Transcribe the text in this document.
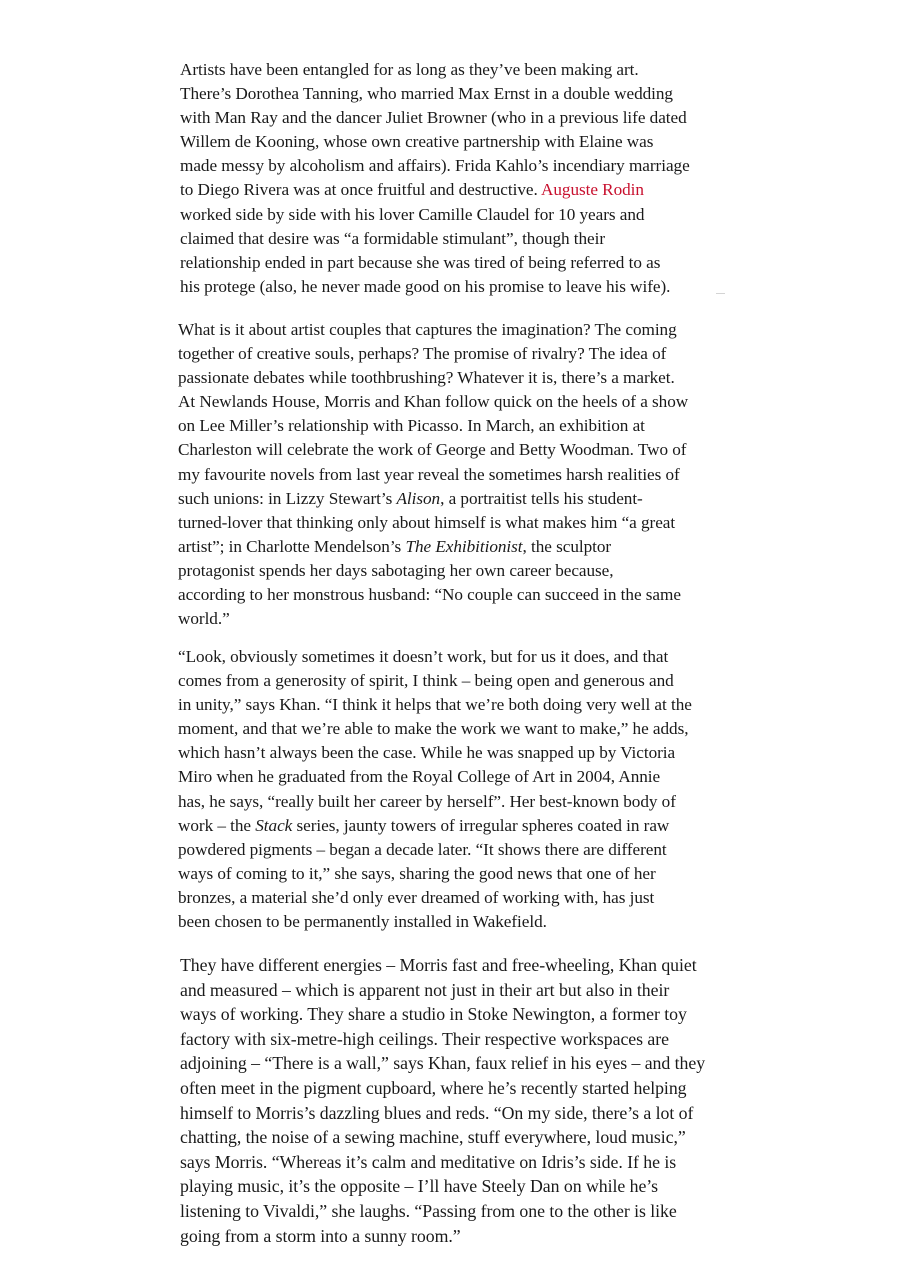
Artists have been entangled for as long as they’ve been making art.
There’s Dorothea Tanning, who married Max Ernst in a double wedding
with Man Ray and the dancer Juliet Browner (who in a previous life dated
Willem de Kooning, whose own creative partnership with Elaine was
made messy by alcoholism and affairs). Frida Kahlo’s incendiary marriage
to Diego Rivera was at once fruitful and destructive. Auguste Rodin
worked side by side with his lover Camille Claudel for 10 years and
claimed that desire was “a formidable stimulant”, though their
relationship ended in part because she was tired of being referred to as
his protege (also, he never made good on his promise to leave his wife).

What is it about artist couples that captures the imagination? The coming
together of creative souls, perhaps? The promise of rivalry? The idea of
passionate debates while toothbrushing? Whatever it is, there’s a market.
At Newlands House, Morris and Khan follow quick on the heels of a show
on Lee Miller’s relationship with Picasso. In March, an exhibition at
Charleston will celebrate the work of George and Betty Woodman. Two of
my favourite novels from last year reveal the sometimes harsh realities of
such unions: in Lizzy Stewart’s Alison, a portraitist tells his student-
turned-lover that thinking only about himself is what makes him “a great
artist”; in Charlotte Mendelson’s The Exhibitionist, the sculptor
protagonist spends her days sabotaging her own career because,
according to her monstrous husband: “No couple can succeed in the same
world.”

“Look, obviously sometimes it doesn’t work, but for us it does, and that
comes from a generosity of spirit, I think – being open and generous and
in unity,” says Khan. “I think it helps that we’re both doing very well at the
moment, and that we’re able to make the work we want to make,” he adds,
which hasn’t always been the case. While he was snapped up by Victoria
Miro when he graduated from the Royal College of Art in 2004, Annie
has, he says, “really built her career by herself”. Her best-known body of
work – the Stack series, jaunty towers of irregular spheres coated in raw
powdered pigments – began a decade later. “It shows there are different
ways of coming to it,” she says, sharing the good news that one of her
bronzes, a material she’d only ever dreamed of working with, has just
been chosen to be permanently installed in Wakefield.

They have different energies – Morris fast and free-wheeling, Khan quiet
and measured – which is apparent not just in their art but also in their
ways of working. They share a studio in Stoke Newington, a former toy
factory with six-metre-high ceilings. Their respective workspaces are
adjoining – “There is a wall,” says Khan, faux relief in his eyes – and they
often meet in the pigment cupboard, where he’s recently started helping
himself to Morris’s dazzling blues and reds. “On my side, there’s a lot of
chatting, the noise of a sewing machine, stuff everywhere, loud music,”
says Morris. “Whereas it’s calm and meditative on Idris’s side. If he is
playing music, it’s the opposite – I’ll have Steely Dan on while he’s
listening to Vivaldi,” she laughs. “Passing from one to the other is like
going from a storm into a sunny room.”
